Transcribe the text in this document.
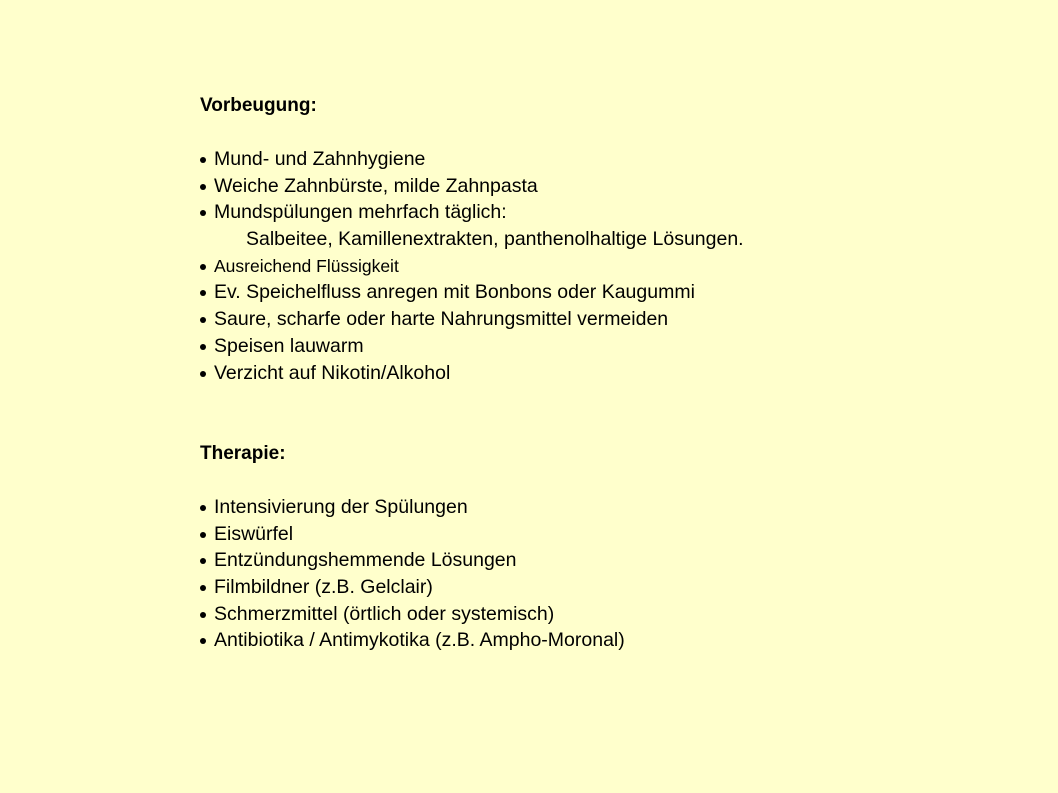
Vorbeugung:
Mund- und Zahnhygiene
Weiche Zahnbürste, milde Zahnpasta
Mundspülungen mehrfach täglich:
Salbeitee, Kamillenextrakten, panthenolhaltige Lösungen.
Ausreichend Flüssigkeit
Ev. Speichelfluss anregen mit Bonbons oder Kaugummi
Saure, scharfe oder harte Nahrungsmittel vermeiden
Speisen lauwarm
Verzicht auf Nikotin/Alkohol
Therapie:
Intensivierung der Spülungen
Eiswürfel
Entzündungshemmende Lösungen
Filmbildner (z.B. Gelclair)
Schmerzmittel (örtlich oder systemisch)
Antibiotika / Antimykotika (z.B. Ampho-Moronal)
